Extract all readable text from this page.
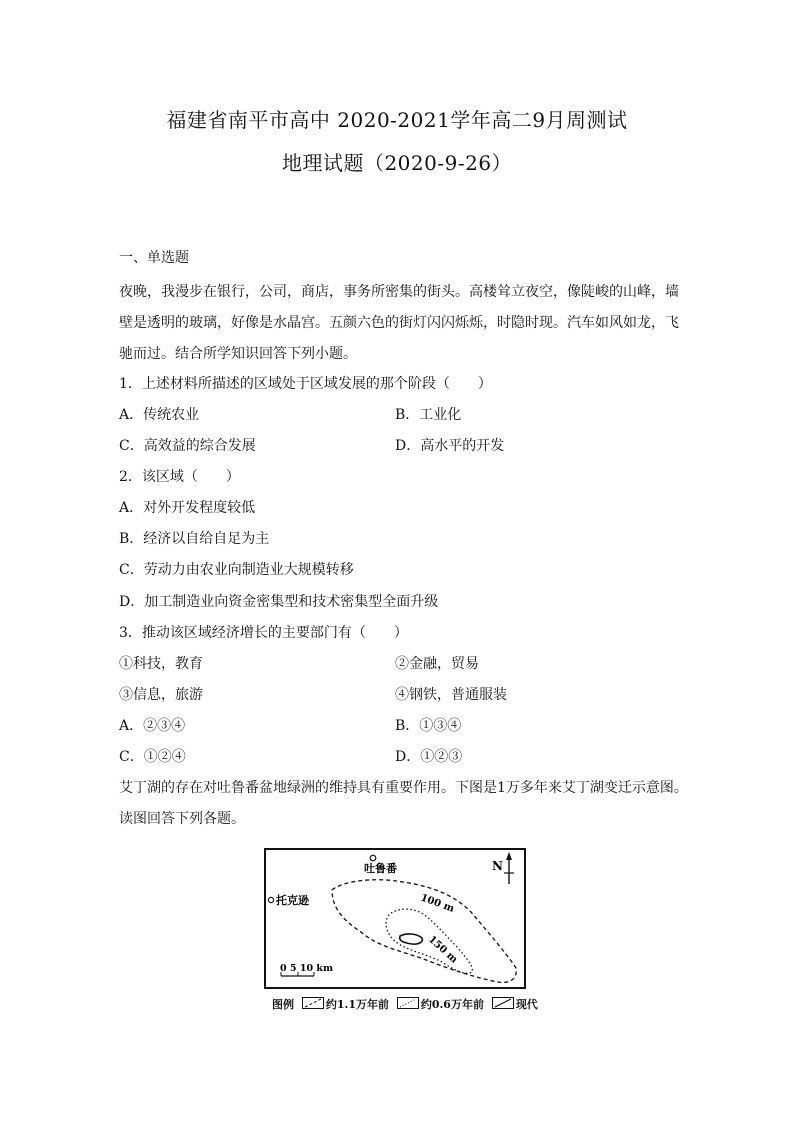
福建省南平市高中 2020-2021学年高二9月周测试
地理试题（2020-9-26）
一、单选题
夜晚，我漫步在银行，公司，商店，事务所密集的街头。高楼耸立夜空，像陡峻的山峰，墙
壁是透明的玻璃，好像是水晶宫。五颜六色的街灯闪闪烁烁，时隐时现。汽车如风如龙，飞
驰而过。结合所学知识回答下列小题。
1．上述材料所描述的区域处于区域发展的那个阶段（　　）
A．传统农业	B．工业化
C．高效益的综合发展	D．高水平的开发
2．该区域（　　）
A．对外开发程度较低
B．经济以自给自足为主
C．劳动力由农业向制造业大规模转移
D．加工制造业向资金密集型和技术密集型全面升级
3．推动该区域经济增长的主要部门有（　　）
①科技，教育	②金融，贸易
③信息，旅游	④钢铁，普通服装
A．②③④	B．①③④
C．①②④	D．①②③
艾丁湖的存在对吐鲁番盆地绿洲的维持具有重要作用。下图是1万多年来艾丁湖变迁示意图。
读图回答下列各题。
吐鲁番
托克逊
N
100 m
150 m
0 5 10 km
图例	约1.1万年前	约0.6万年前	现代
